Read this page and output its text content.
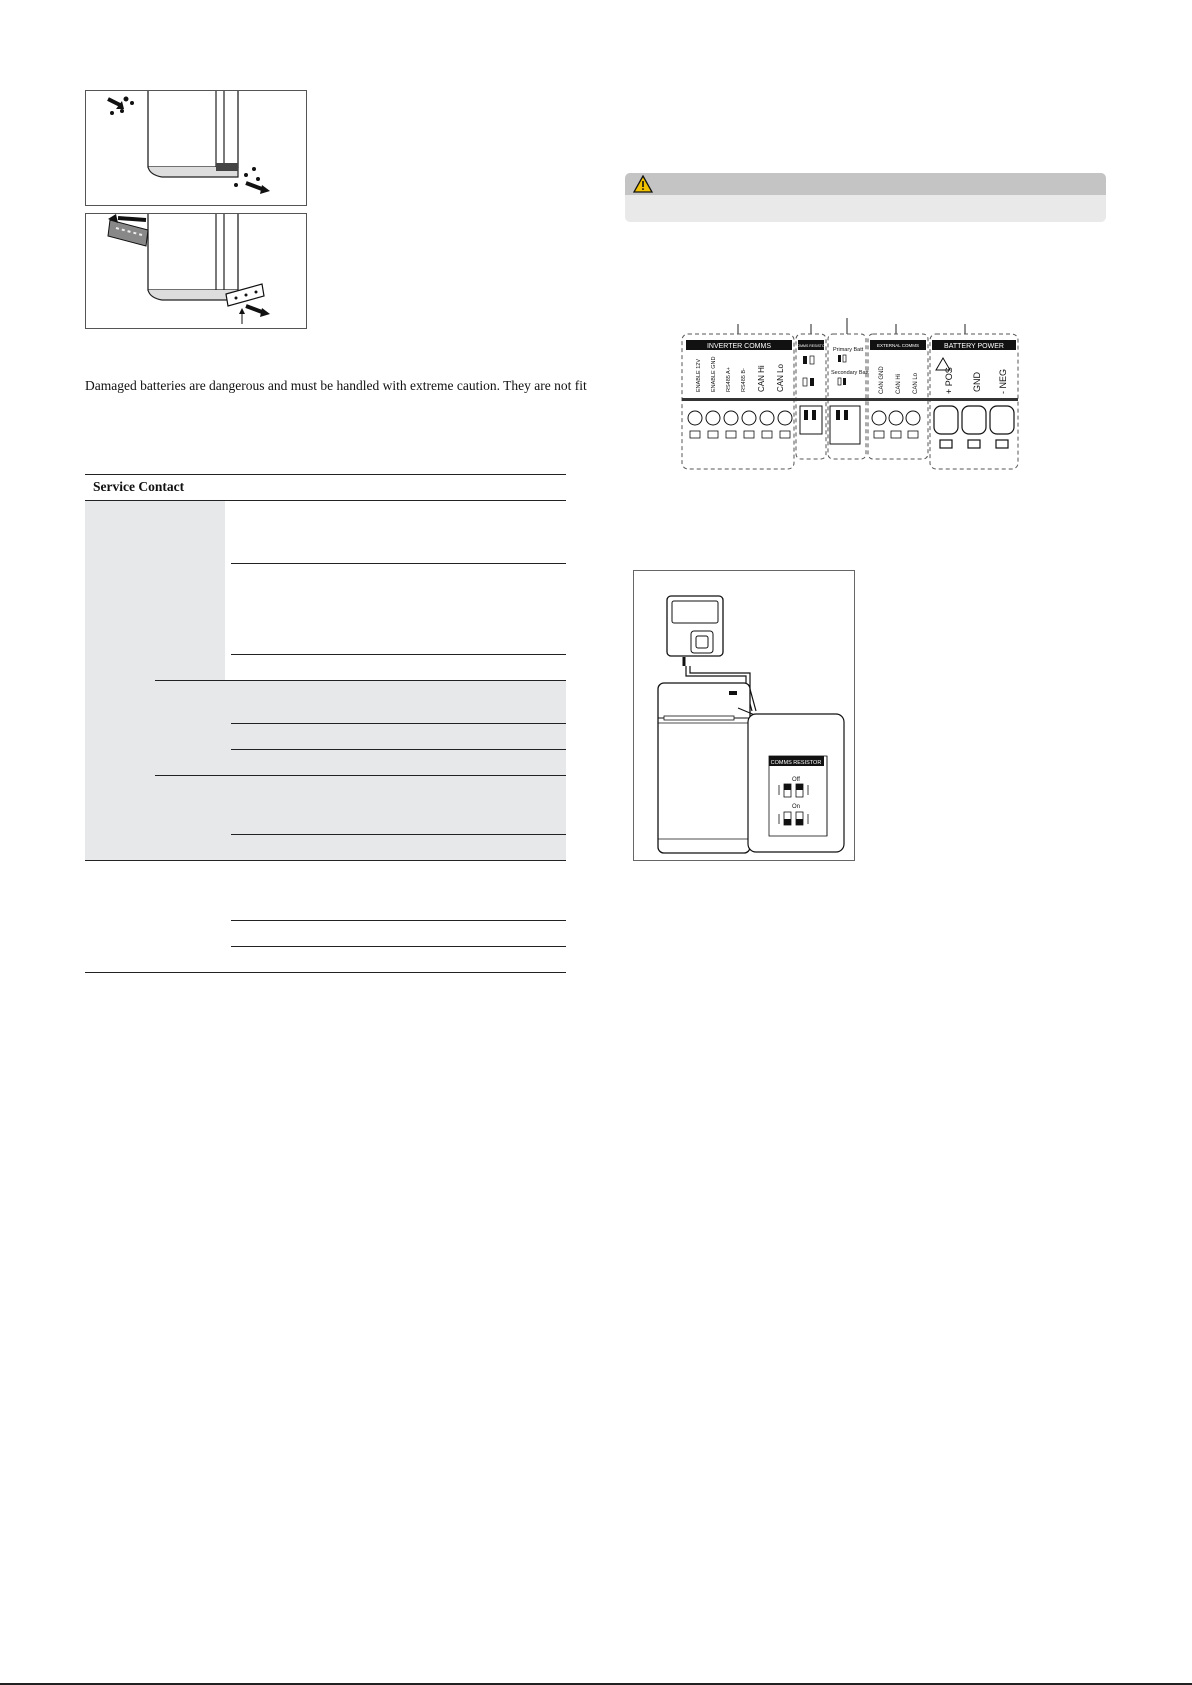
Damaged batteries are dangerous and must be handled with extreme caution. They are not fit
Service Contact
INVERTER COMMS	COMMS RESISTOR	EXTERNAL COMMS	BATTERY POWER
ENABLE 12V ENABLE GND RS485 A+ RS485 B- CAN Hi CAN Lo
Primary Batt
Secondary Batt CAN GND CAN Hi CAN Lo	+ POS GND - NEG
COMMS RESISTOR
Off
On
